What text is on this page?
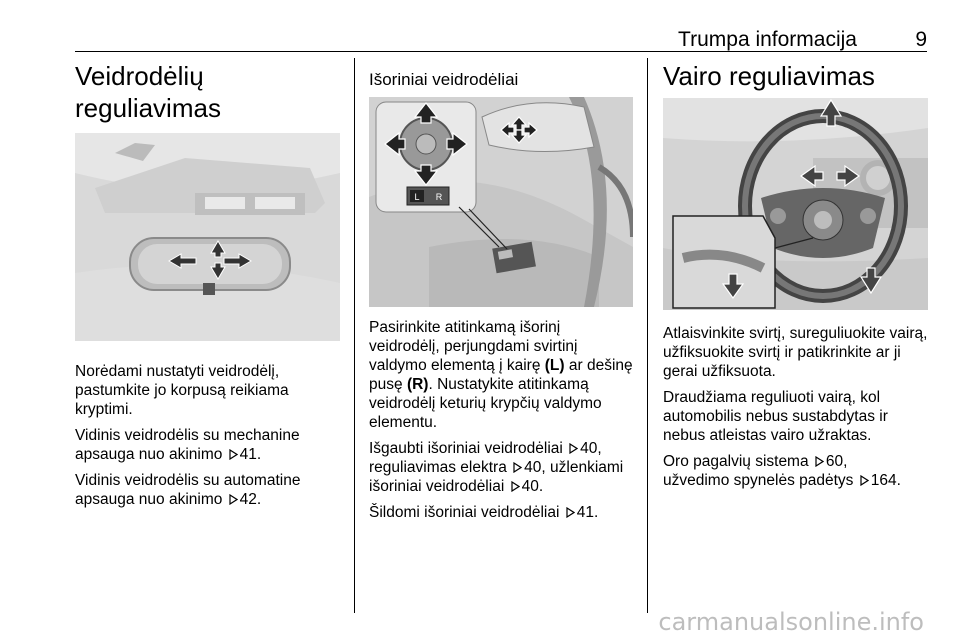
Trumpa informacija	9
Veidrodėlių reguliavimas

Norėdami nustatyti veidrodėlį, pastumkite jo korpusą reikiama kryptimi.

Vidinis veidrodėlis su mechanine apsauga nuo akinimo 41.

Vidinis veidrodėlis su automatine apsauga nuo akinimo 42.

Išoriniai veidrodėliai
L R

Pasirinkite atitinkamą išorinį veidrodėlį, perjungdami svirtinį valdymo elementą į kairę (L) ar dešinę pusę (R). Nustatykite atitinkamą veidrodėlį keturių krypčių valdymo elementu.

Išgaubti išoriniai veidrodėliai 40, reguliavimas elektra 40, užlenkiami išoriniai veidrodėliai 40.

Šildomi išoriniai veidrodėliai 41.

Vairo reguliavimas

Atlaisvinkite svirtį, sureguliuokite vairą, užfiksuokite svirtį ir patikrinkite ar ji gerai užfiksuota.

Draudžiama reguliuoti vairą, kol automobilis nebus sustabdytas ir nebus atleistas vairo užraktas.

Oro pagalvių sistema 60,
užvedimo spynelės padėtys 164.

carmanualsonline.info
